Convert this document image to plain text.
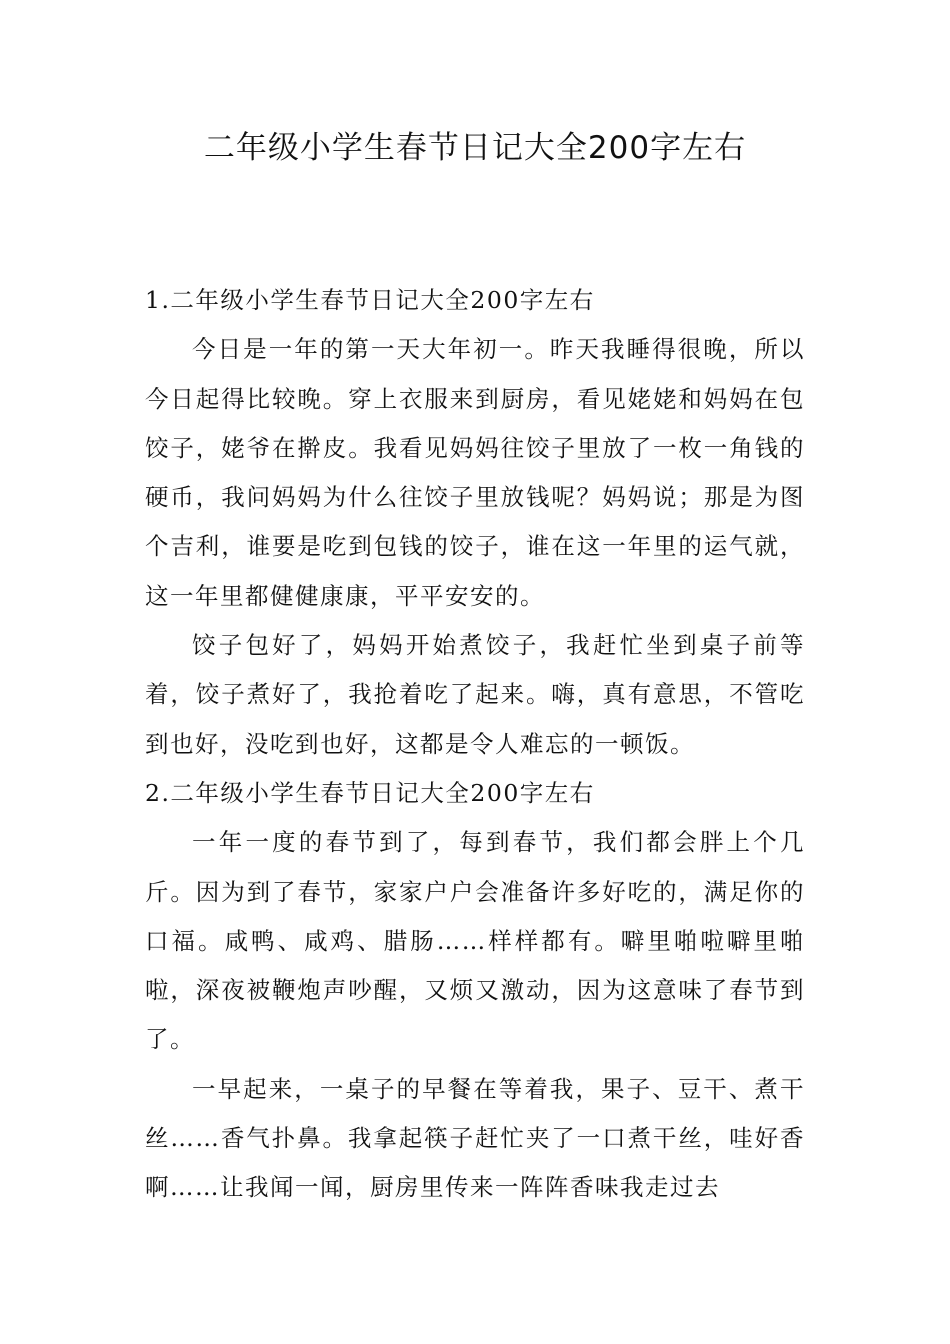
二年级小学生春节日记大全200字左右

1.二年级小学生春节日记大全200字左右

今日是一年的第一天大年初一。昨天我睡得很晚，所以今日起得比较晚。穿上衣服来到厨房，看见姥姥和妈妈在包饺子，姥爷在擀皮。我看见妈妈往饺子里放了一枚一角钱的硬币，我问妈妈为什么往饺子里放钱呢？妈妈说；那是为图个吉利，谁要是吃到包钱的饺子，谁在这一年里的运气就，这一年里都健健康康，平平安安的。

饺子包好了，妈妈开始煮饺子，我赶忙坐到桌子前等着，饺子煮好了，我抢着吃了起来。嗨，真有意思，不管吃到也好，没吃到也好，这都是令人难忘的一顿饭。

2.二年级小学生春节日记大全200字左右

一年一度的春节到了，每到春节，我们都会胖上个几斤。因为到了春节，家家户户会准备许多好吃的，满足你的口福。咸鸭、咸鸡、腊肠……样样都有。噼里啪啦噼里啪啦，深夜被鞭炮声吵醒，又烦又激动，因为这意味了春节到了。

一早起来，一桌子的早餐在等着我，果子、豆干、煮干丝……香气扑鼻。我拿起筷子赶忙夹了一口煮干丝，哇好香啊……让我闻一闻，厨房里传来一阵阵香味我走过去
